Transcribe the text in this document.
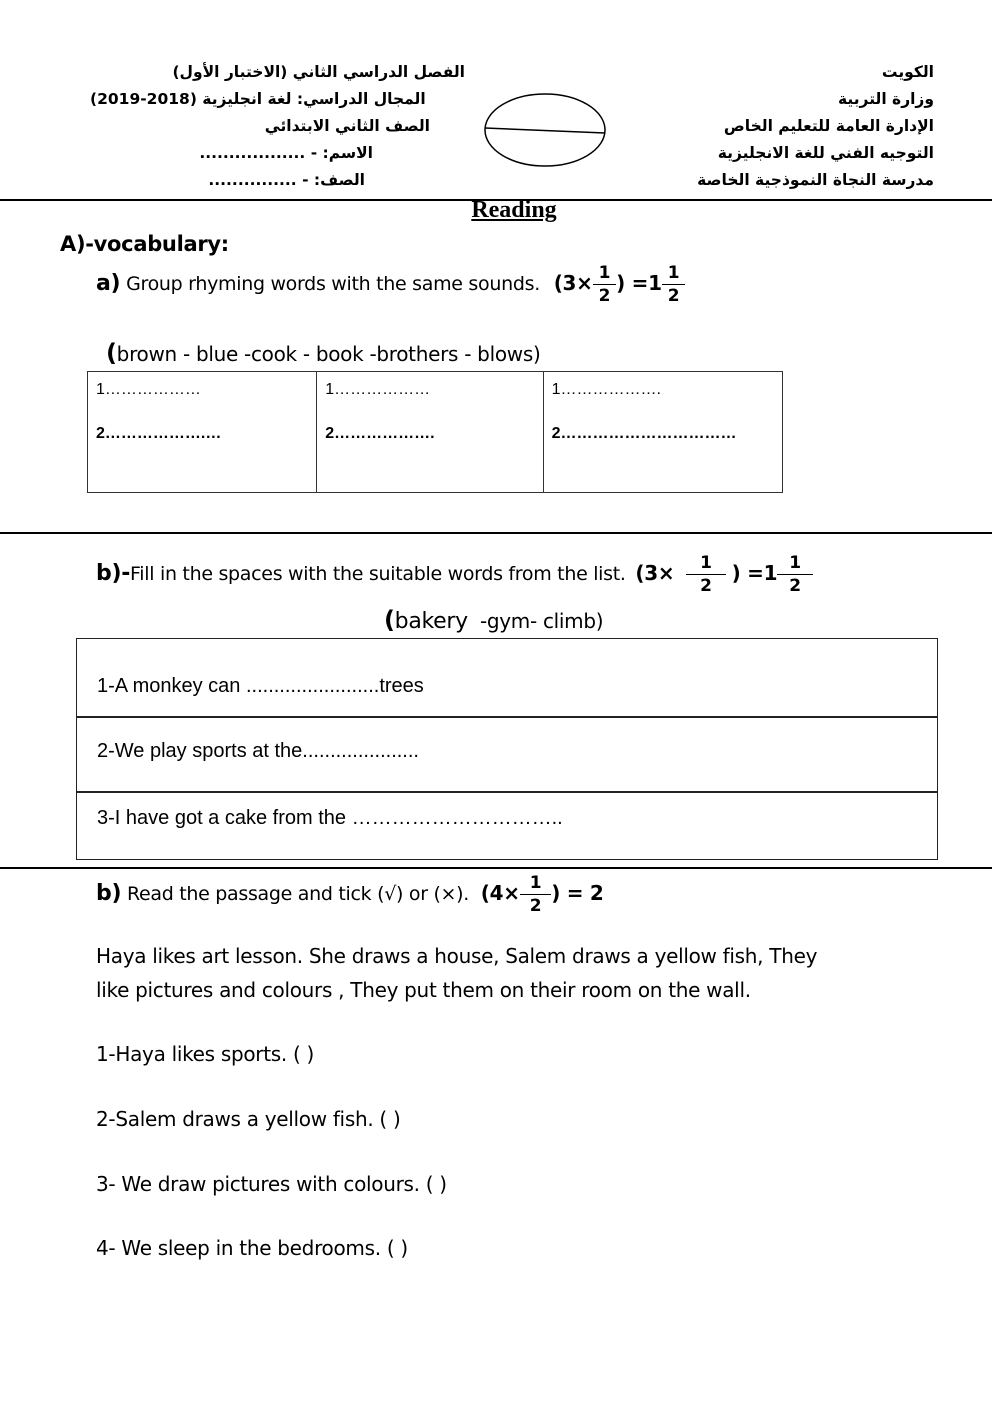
الكويت
وزارة التربية
الإدارة العامة للتعليم الخاص
التوجيه الفني للغة الانجليزية
مدرسة النجاة النموذجية الخاصة
الفصل الدراسي الثاني (الاختبار الأول)
المجال الدراسي: لغة انجليزية (2018-2019)
الصف الثاني الابتدائي
الاسم: - ..................
الصف: - ...............
Reading
A)-vocabulary:
a) Group rhyming words with the same sounds. ($3\times \frac{1}{2}$ ) $=1 \frac{1}{2}$
(brown - blue -cook - book -brothers - blows)
1………………
2……………….…

1………………
2……………….

1……………….
2……………………………
b)-Fill in the spaces with the suitable words from the list. ($3\times \frac{1}{2}$ ) $=1 \frac{1}{2}$
(bakery -gym- climb)
1-A monkey can ........................trees
2-We play sports at the.....................
3-I have got a cake from the …………………………..
b) Read the passage and tick (√) or (×). ($4\times \frac{1}{2}$ ) = 2
Haya likes art lesson. She draws a house, Salem draws a yellow fish, They
like pictures and colours , They put them on their room on the wall.
1-Haya likes sports. ( )
2-Salem draws a yellow fish. ( )
3- We draw pictures with colours. ( )
4- We sleep in the bedrooms. ( )
